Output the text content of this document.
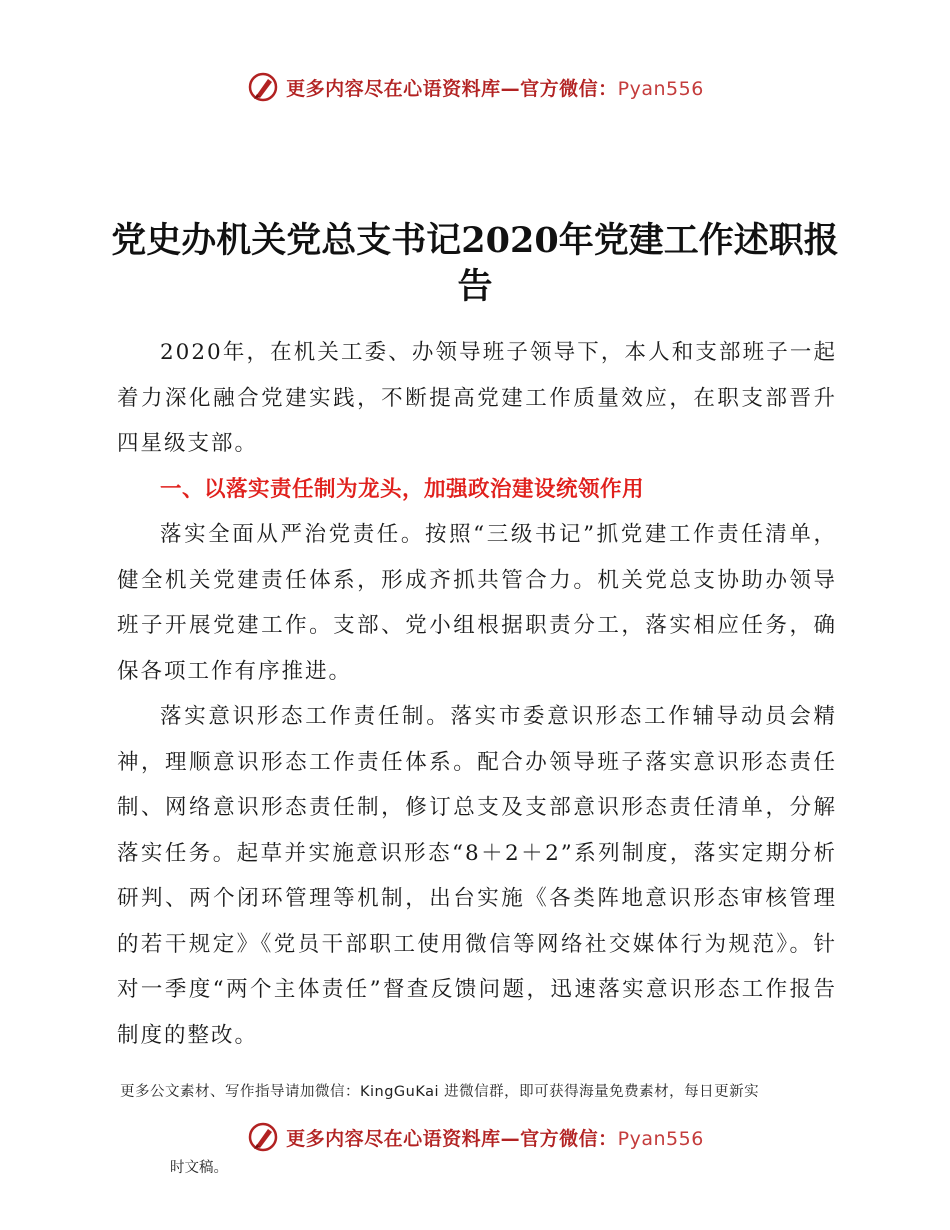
更多内容尽在心语资料库—官方微信：Pyan556
党史办机关党总支书记2020年党建工作述职报告

2020年，在机关工委、办领导班子领导下，本人和支部班子一起着力深化融合党建实践，不断提高党建工作质量效应，在职支部晋升四星级支部。

一、以落实责任制为龙头，加强政治建设统领作用

落实全面从严治党责任。按照“三级书记”抓党建工作责任清单，健全机关党建责任体系，形成齐抓共管合力。机关党总支协助办领导班子开展党建工作。支部、党小组根据职责分工，落实相应任务，确保各项工作有序推进。

落实意识形态工作责任制。落实市委意识形态工作辅导动员会精神，理顺意识形态工作责任体系。配合办领导班子落实意识形态责任制、网络意识形态责任制，修订总支及支部意识形态责任清单，分解落实任务。起草并实施意识形态“8＋2＋2”系列制度，落实定期分析研判、两个闭环管理等机制，出台实施《各类阵地意识形态审核管理的若干规定》《党员干部职工使用微信等网络社交媒体行为规范》。针对一季度“两个主体责任”督查反馈问题，迅速落实意识形态工作报告制度的整改。

更多公文素材、写作指导请加微信：KingGuKai 进微信群，即可获得海量免费素材，每日更新实
更多内容尽在心语资料库—官方微信：Pyan556
时文稿。
